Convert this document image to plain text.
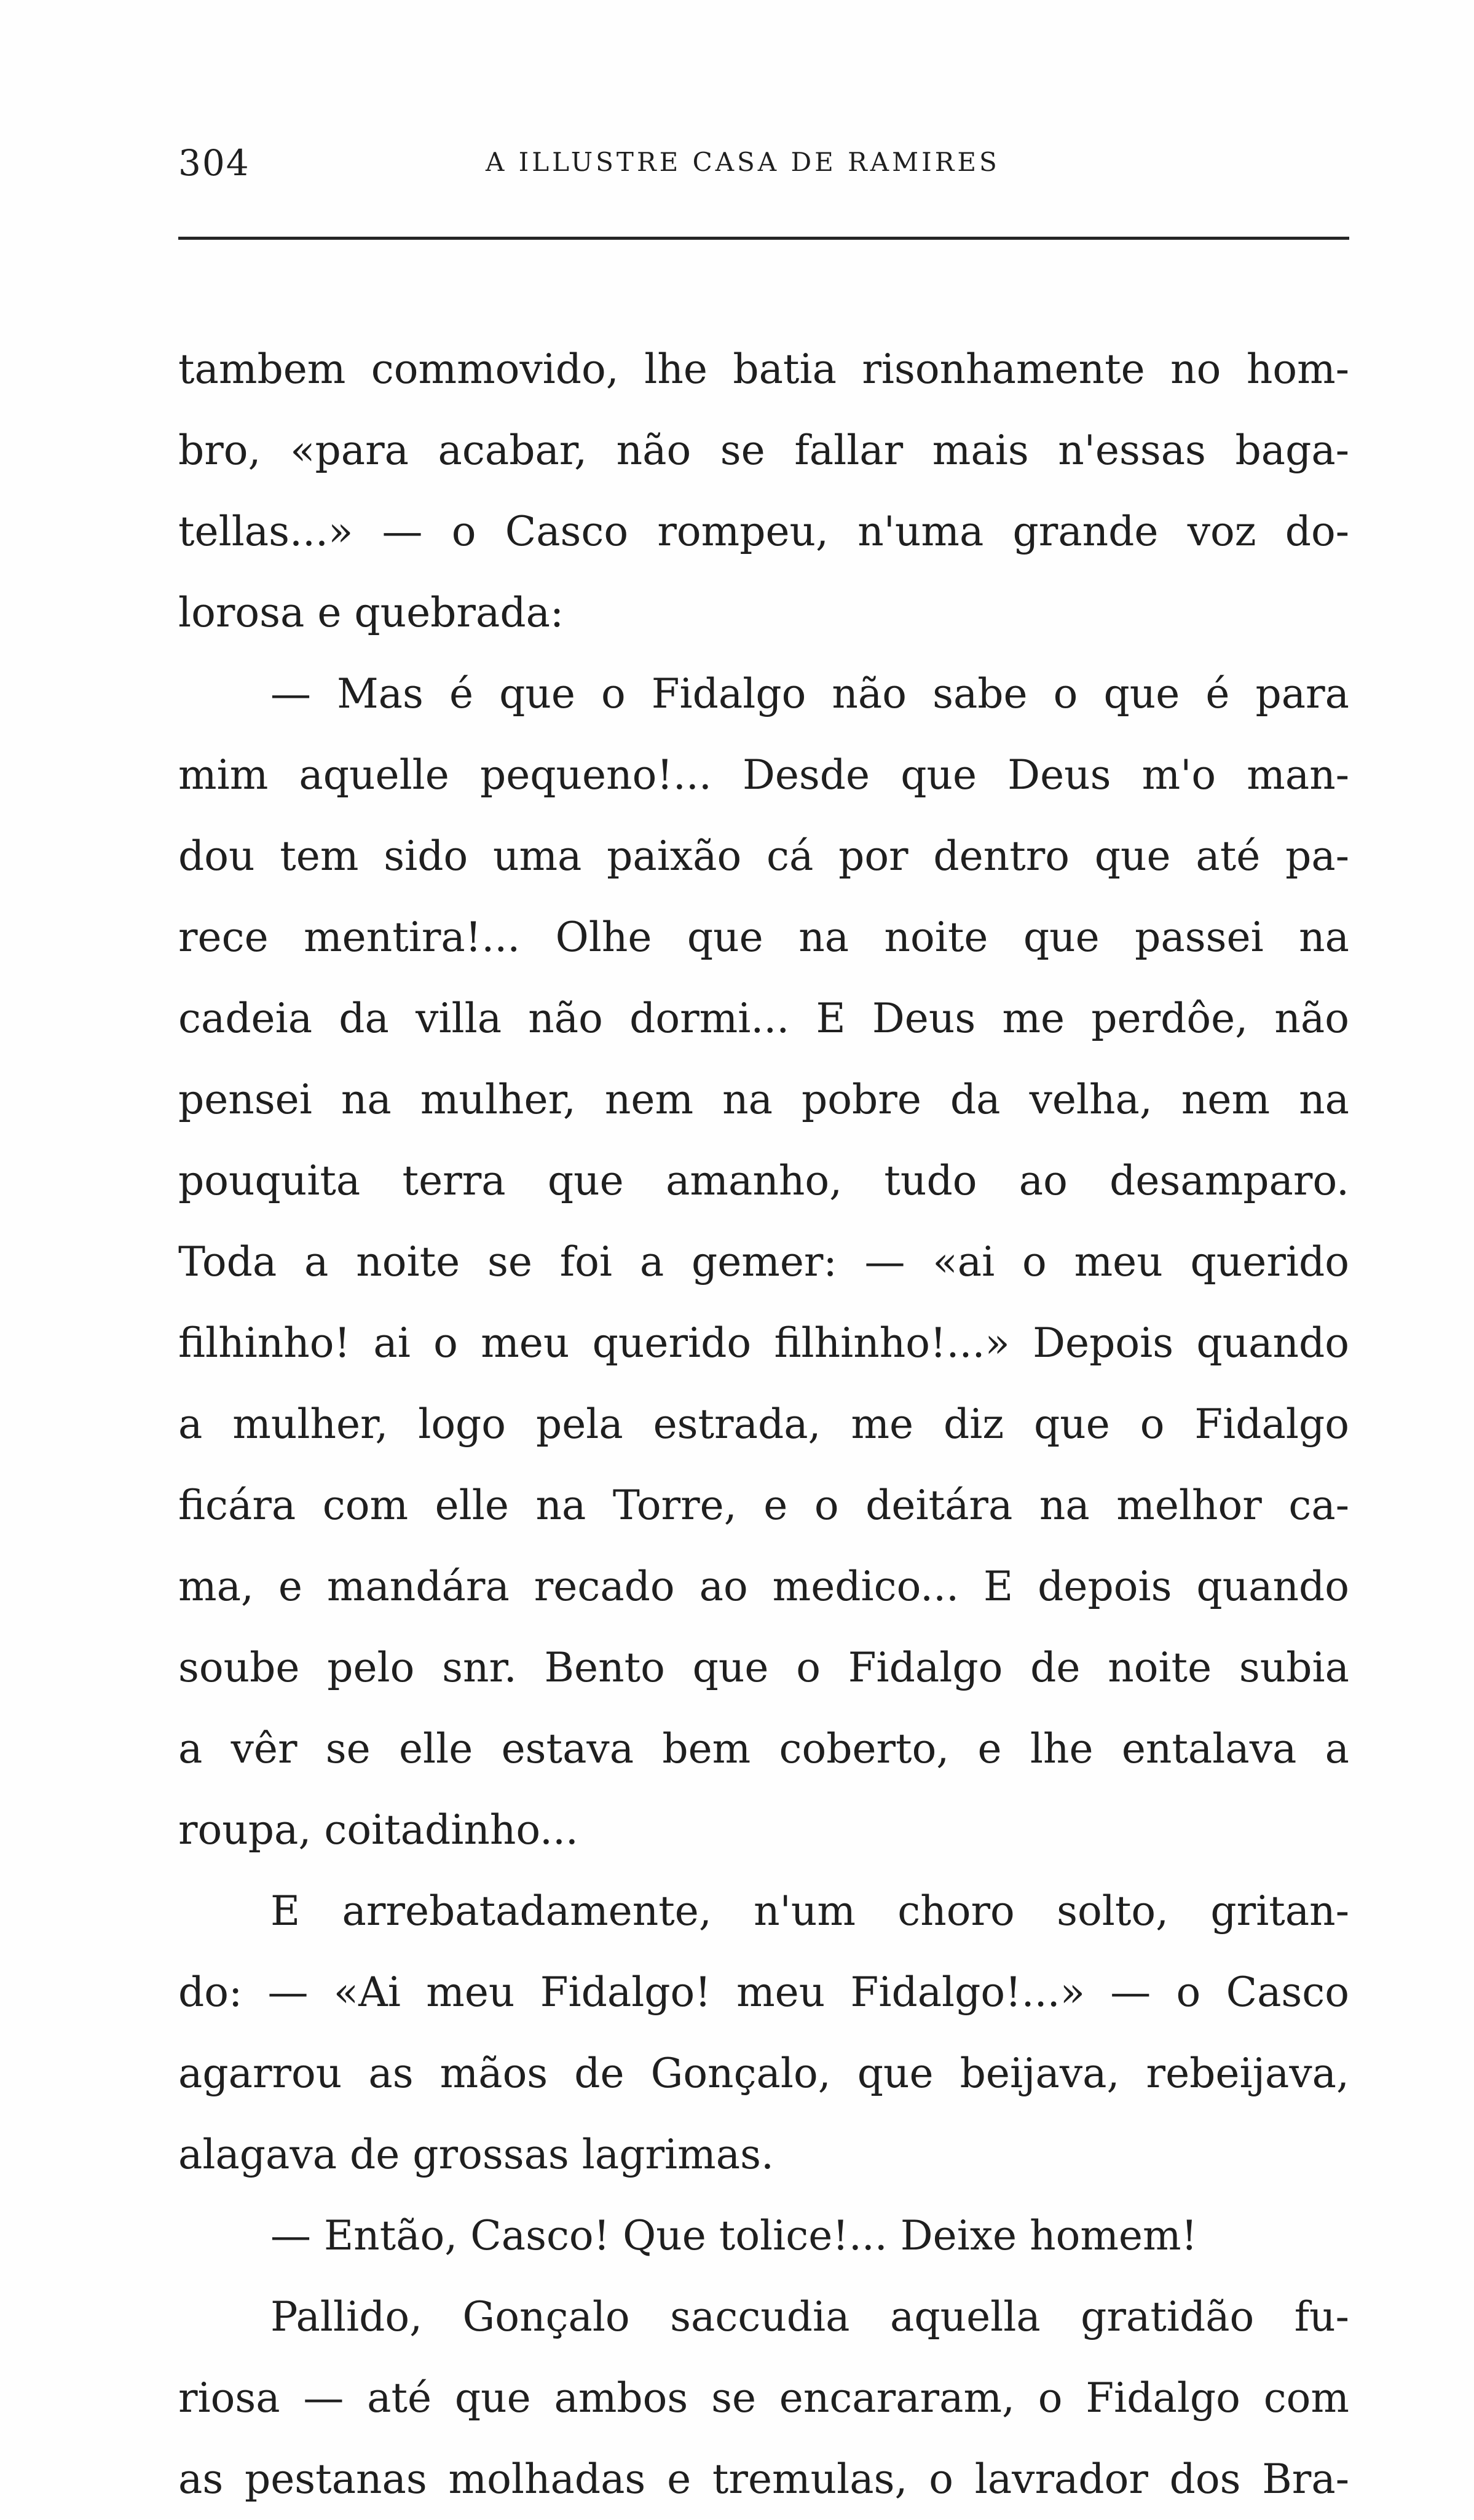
304	A ILLUSTRE CASA DE RAMIRES
tambem commovido, lhe batia risonhamente no hom-
bro, «para acabar, não se fallar mais n'essas baga-
tellas...» — o Casco rompeu, n'uma grande voz do-
lorosa e quebrada:
— Mas é que o Fidalgo não sabe o que é para
mim aquelle pequeno!... Desde que Deus m'o man-
dou tem sido uma paixão cá por dentro que até pa-
rece mentira!... Olhe que na noite que passei na
cadeia da villa não dormi... E Deus me perdôe, não
pensei na mulher, nem na pobre da velha, nem na
pouquita terra que amanho, tudo ao desamparo.
Toda a noite se foi a gemer: — «ai o meu querido
filhinho! ai o meu querido filhinho!...» Depois quando
a mulher, logo pela estrada, me diz que o Fidalgo
ficára com elle na Torre, e o deitára na melhor ca-
ma, e mandára recado ao medico... E depois quando
soube pelo snr. Bento que o Fidalgo de noite subia
a vêr se elle estava bem coberto, e lhe entalava a
roupa, coitadinho...
E arrebatadamente, n'um choro solto, gritan-
do: — «Ai meu Fidalgo! meu Fidalgo!...» — o Casco
agarrou as mãos de Gonçalo, que beijava, rebeijava,
alagava de grossas lagrimas.
— Então, Casco! Que tolice!... Deixe homem!
Pallido, Gonçalo saccudia aquella gratidão fu-
riosa — até que ambos se encararam, o Fidalgo com
as pestanas molhadas e tremulas, o lavrador dos Bra-
